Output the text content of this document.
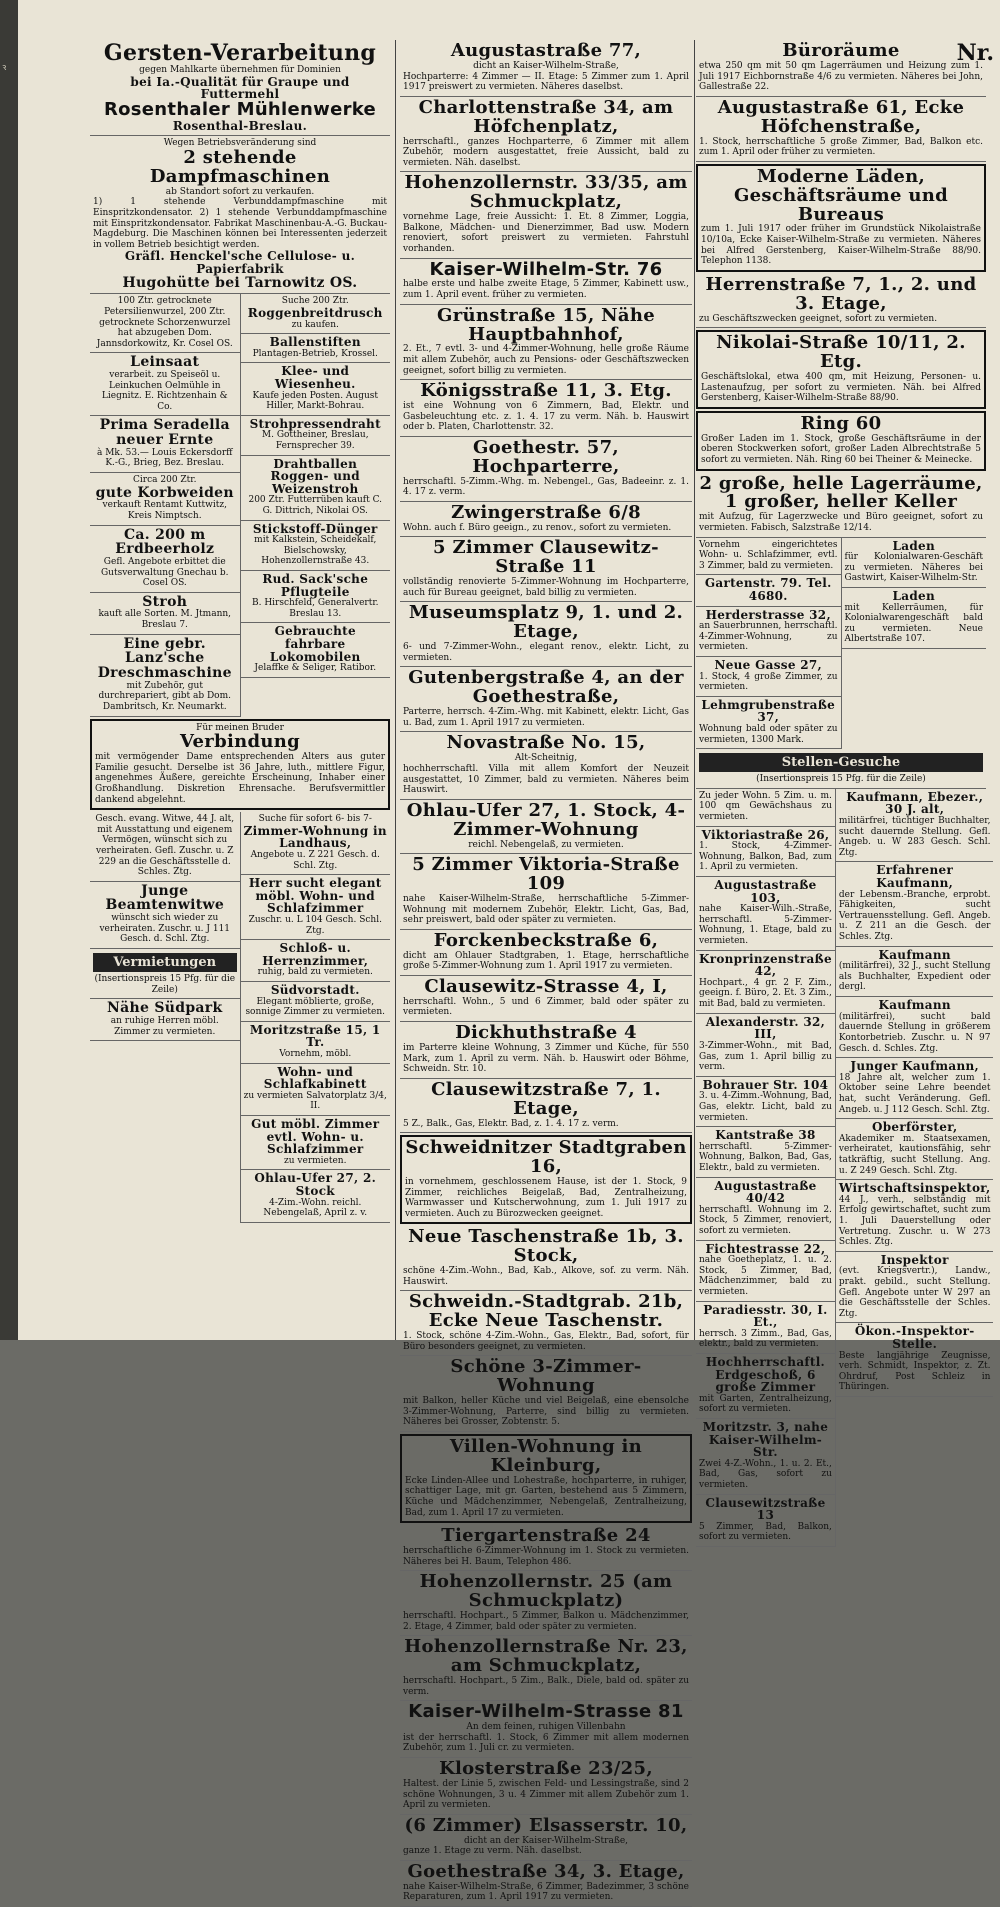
ꝛ
Nr.
Gersten-Verarbeitung
gegen Mahlkarte übernehmen für Dominien
bei Ia.-Qualität für Graupe und Futtermehl
Rosenthaler Mühlenwerke
Rosenthal-Breslau.
Wegen Betriebsveränderung sind
2 stehende Dampfmaschinen
ab Standort sofort zu verkaufen.
1) 1 stehende Verbunddampfmaschine mit Einspritzkondensator. 2) 1 stehende Verbunddampfmaschine mit Einspritzkondensator. Fabrikat Maschinenbau-A.-G. Buckau-Magdeburg. Die Maschinen können bei Interessenten jederzeit in vollem Betrieb besichtigt werden.
Gräfl. Henckel'sche Cellulose- u. Papierfabrik
Hugohütte bei Tarnowitz OS.
100 Ztr. getrocknete Petersilienwurzel, 200 Ztr. getrocknete Schorzenwurzel hat abzugeben Dom. Jannsdorkowitz, Kr. Cosel OS.
Leinsaat
verarbeit. zu Speiseöl u. Leinkuchen Oelmühle in Liegnitz. E. Richtzenhain & Co.
Prima Seradella neuer Ernte
à Mk. 53.— Louis Eckersdorff K.-G., Brieg, Bez. Breslau.
Circa 200 Ztr.
gute Korbweiden
verkauft Rentamt Kuttwitz, Kreis Nimptsch.
Ca. 200 m Erdbeerholz
Gefl. Angebote erbittet die Gutsverwaltung Gnechau b. Cosel OS.
Stroh
kauft alle Sorten. M. Jtmann, Breslau 7.
Eine gebr. Lanz'sche Dreschmaschine
mit Zubehör, gut durchrepariert, gibt ab Dom. Dambritsch, Kr. Neumarkt.
Suche 200 Ztr.
Roggenbreitdrusch
zu kaufen.
Ballenstiften
Plantagen-Betrieb, Krossel.
Klee- und Wiesenheu.
Kaufe jeden Posten. August Hiller, Markt-Bohrau.
Strohpressendraht
M. Gottheiner, Breslau, Fernsprecher 39.
Drahtballen Roggen- und Weizenstroh
200 Ztr. Futterrüben kauft C. G. Dittrich, Nikolai OS.
Stickstoff-Dünger
mit Kalkstein, Scheidekalf, Bielschowsky, Hohenzollernstraße 43.
Rud. Sack'sche Pflugteile
B. Hirschfeld, Generalvertr. Breslau 13.
Gebrauchte fahrbare Lokomobilen
Jelaffke & Seliger, Ratibor.
Für meinen Bruder
Verbindung
mit vermögender Dame entsprechenden Alters aus guter Familie gesucht. Derselbe ist 36 Jahre, luth., mittlere Figur, angenehmes Äußere, gereichte Erscheinung, Inhaber einer Großhandlung. Diskretion Ehrensache. Berufsvermittler dankend abgelehnt.
Gesch. evang. Witwe, 44 J. alt, mit Ausstattung und eigenem Vermögen, wünscht sich zu verheiraten. Gefl. Zuschr. u. Z 229 an die Geschäftsstelle d. Schles. Ztg.
Junge Beamtenwitwe
wünscht sich wieder zu verheiraten. Zuschr. u. J 111 Gesch. d. Schl. Ztg.
Vermietungen
(Insertionspreis 15 Pfg. für die Zeile)
Nähe Südpark
an ruhige Herren möbl. Zimmer zu vermieten.
Suche für sofort 6- bis 7-
Zimmer-Wohnung in Landhaus,
Angebote u. Z 221 Gesch. d. Schl. Ztg.
Herr sucht elegant möbl. Wohn- und Schlafzimmer
Zuschr. u. L 104 Gesch. Schl. Ztg.
Schloß- u. Herrenzimmer,
ruhig, bald zu vermieten.
Südvorstadt.
Elegant möblierte, große, sonnige Zimmer zu vermieten.
Moritzstraße 15, 1 Tr.
Vornehm, möbl.
Wohn- und Schlafkabinett
zu vermieten Salvatorplatz 3/4, II.
Gut möbl. Zimmer evtl. Wohn- u. Schlafzimmer
zu vermieten.
Ohlau-Ufer 27, 2. Stock
4-Zim.-Wohn. reichl. Nebengelaß, April z. v.
Augustastraße 77,
dicht an Kaiser-Wilhelm-Straße,
Hochparterre: 4 Zimmer — II. Etage: 5 Zimmer zum 1. April 1917 preiswert zu vermieten. Näheres daselbst.
Charlottenstraße 34, am Höfchenplatz,
herrschaftl., ganzes Hochparterre, 6 Zimmer mit allem Zubehör, modern ausgestattet, freie Aussicht, bald zu vermieten. Näh. daselbst.
Hohenzollernstr. 33/35, am Schmuckplatz,
vornehme Lage, freie Aussicht: 1. Et. 8 Zimmer, Loggia, Balkone, Mädchen- und Dienerzimmer, Bad usw. Modern renoviert, sofort preiswert zu vermieten. Fahrstuhl vorhanden.
Kaiser-Wilhelm-Str. 76
halbe erste und halbe zweite Etage, 5 Zimmer, Kabinett usw., zum 1. April event. früher zu vermieten.
Grünstraße 15, Nähe Hauptbahnhof,
2. Et., 7 evtl. 3- und 4-Zimmer-Wohnung, helle große Räume mit allem Zubehör, auch zu Pensions- oder Geschäftszwecken geeignet, sofort billig zu vermieten.
Königsstraße 11, 3. Etg.
ist eine Wohnung von 6 Zimmern, Bad, Elektr. und Gasbeleuchtung etc. z. 1. 4. 17 zu verm. Näh. b. Hauswirt oder b. Platen, Charlottenstr. 32.
Goethestr. 57, Hochparterre,
herrschaftl. 5-Zimm.-Whg. m. Nebengel., Gas, Badeeinr. z. 1. 4. 17 z. verm.
Zwingerstraße 6/8
Wohn. auch f. Büro geeign., zu renov., sofort zu vermieten.
5 Zimmer Clausewitz-Straße 11
vollständig renovierte 5-Zimmer-Wohnung im Hochparterre, auch für Bureau geeignet, bald billig zu vermieten.
Museumsplatz 9, 1. und 2. Etage,
6- und 7-Zimmer-Wohn., elegant renov., elektr. Licht, zu vermieten.
Gutenbergstraße 4, an der Goethestraße,
Parterre, herrsch. 4-Zim.-Whg. mit Kabinett, elektr. Licht, Gas u. Bad, zum 1. April 1917 zu vermieten.
Novastraße No. 15,
Alt-Scheitnig,
hochherrschaftl. Villa mit allem Komfort der Neuzeit ausgestattet, 10 Zimmer, bald zu vermieten. Näheres beim Hauswirt.
Ohlau-Ufer 27, 1. Stock, 4-Zimmer-Wohnung
reichl. Nebengelaß, zu vermieten.
5 Zimmer Viktoria-Straße 109
nahe Kaiser-Wilhelm-Straße, herrschaftliche 5-Zimmer-Wohnung mit modernem Zubehör, Elektr. Licht, Gas, Bad, sehr preiswert, bald oder später zu vermieten.
Forckenbeckstraße 6,
dicht am Ohlauer Stadtgraben, 1. Etage, herrschaftliche große 5-Zimmer-Wohnung zum 1. April 1917 zu vermieten.
Clausewitz-Strasse 4, I,
herrschaftl. Wohn., 5 und 6 Zimmer, bald oder später zu vermieten.
Dickhuthstraße 4
im Parterre kleine Wohnung, 3 Zimmer und Küche, für 550 Mark, zum 1. April zu verm. Näh. b. Hauswirt oder Böhme, Schweidn. Str. 10.
Clausewitzstraße 7, 1. Etage,
5 Z., Balk., Gas, Elektr. Bad, z. 1. 4. 17 z. verm.
Schweidnitzer Stadtgraben 16,
in vornehmem, geschlossenem Hause, ist der 1. Stock, 9 Zimmer, reichliches Beigelaß, Bad, Zentralheizung, Warmwasser und Kutscherwohnung, zum 1. Juli 1917 zu vermieten. Auch zu Bürozwecken geeignet.
Neue Taschenstraße 1b, 3. Stock,
schöne 4-Zim.-Wohn., Bad, Kab., Alkove, sof. zu verm. Näh. Hauswirt.
Schweidn.-Stadtgrab. 21b, Ecke Neue Taschenstr.
1. Stock, schöne 4-Zim.-Wohn., Gas, Elektr., Bad, sofort, für Büro besonders geeignet, zu vermieten.
Schöne 3-Zimmer-Wohnung
mit Balkon, heller Küche und viel Beigelaß, eine ebensolche 3-Zimmer-Wohnung, Parterre, sind billig zu vermieten. Näheres bei Grosser, Zobtenstr. 5.
Villen-Wohnung in Kleinburg,
Ecke Linden-Allee und Lohestraße, hochparterre, in ruhiger, schattiger Lage, mit gr. Garten, bestehend aus 5 Zimmern, Küche und Mädchenzimmer, Nebengelaß, Zentralheizung, Bad, zum 1. April 17 zu vermieten.
Tiergartenstraße 24
herrschaftliche 6-Zimmer-Wohnung im 1. Stock zu vermieten. Näheres bei H. Baum, Telephon 486.
Hohenzollernstr. 25 (am Schmuckplatz)
herrschaftl. Hochpart., 5 Zimmer, Balkon u. Mädchenzimmer, 2. Etage, 4 Zimmer, bald oder später zu vermieten.
Hohenzollernstraße Nr. 23, am Schmuckplatz,
herrschaftl. Hochpart., 5 Zim., Balk., Diele, bald od. später zu verm.
Kaiser-Wilhelm-Strasse 81
An dem feinen, ruhigen Villenbahn
ist der herrschaftl. 1. Stock, 6 Zimmer mit allem modernen Zubehör, zum 1. Juli cr. zu vermieten.
Klosterstraße 23/25,
Haltest. der Linie 5, zwischen Feld- und Lessingstraße, sind 2 schöne Wohnungen, 3 u. 4 Zimmer mit allem Zubehör zum 1. April zu vermieten.
(6 Zimmer) Elsasserstr. 10,
dicht an der Kaiser-Wilhelm-Straße,
ganze 1. Etage zu verm. Näh. daselbst.
Goethestraße 34, 3. Etage,
nahe Kaiser-Wilhelm-Straße, 6 Zimmer, Badezimmer, 3 schöne Reparaturen, zum 1. April 1917 zu vermieten.
Büroräume
etwa 250 qm mit 50 qm Lagerräumen und Heizung zum 1. Juli 1917 Eichbornstraße 4/6 zu vermieten. Näheres bei John, Gallestraße 22.
Augustastraße 61, Ecke Höfchenstraße,
1. Stock, herrschaftliche 5 große Zimmer, Bad, Balkon etc. zum 1. April oder früher zu vermieten.
Moderne Läden, Geschäftsräume und Bureaus
zum 1. Juli 1917 oder früher im Grundstück Nikolaistraße 10/10a, Ecke Kaiser-Wilhelm-Straße zu vermieten. Näheres bei Alfred Gerstenberg, Kaiser-Wilhelm-Straße 88/90. Telephon 1138.
Herrenstraße 7, 1., 2. und 3. Etage,
zu Geschäftszwecken geeignet, sofort zu vermieten.
Nikolai-Straße 10/11, 2. Etg.
Geschäftslokal, etwa 400 qm, mit Heizung, Personen- u. Lastenaufzug, per sofort zu vermieten. Näh. bei Alfred Gerstenberg, Kaiser-Wilhelm-Straße 88/90.
Ring 60
Großer Laden im 1. Stock, große Geschäftsräume in der oberen Stockwerken sofort, großer Laden Albrechtstraße 5 sofort zu vermieten. Näh. Ring 60 bei Theiner & Meinecke.
2 große, helle Lagerräume, 1 großer, heller Keller
mit Aufzug, für Lagerzwecke und Büro geeignet, sofort zu vermieten. Fabisch, Salzstraße 12/14.
Vornehm eingerichtetes Wohn- u. Schlafzimmer, evtl. 3 Zimmer, bald zu vermieten.
Gartenstr. 79. Tel. 4680.
Herderstrasse 32,
an Sauerbrunnen, herrschaftl. 4-Zimmer-Wohnung, zu vermieten.
Neue Gasse 27,
1. Stock, 4 große Zimmer, zu vermieten.
Lehmgrubenstraße 37,
Wohnung bald oder später zu vermieten, 1300 Mark.
Laden
für Kolonialwaren-Geschäft zu vermieten. Näheres bei Gastwirt, Kaiser-Wilhelm-Str.
Laden
mit Kellerräumen, für Kolonialwarengeschäft bald zu vermieten. Neue Albertstraße 107.
Stellen-Gesuche
(Insertionspreis 15 Pfg. für die Zeile)
Zu jeder Wohn. 5 Zim. u. m. 100 qm Gewächshaus zu vermieten.
Viktoriastraße 26,
1. Stock, 4-Zimmer-Wohnung, Balkon, Bad, zum 1. April zu vermieten.
Augustastraße 103,
nahe Kaiser-Wilh.-Straße, herrschaftl. 5-Zimmer-Wohnung, 1. Etage, bald zu vermieten.
Kronprinzenstraße 42,
Hochpart., 4 gr. 2 F. Zim., geeign. f. Büro, 2. Et. 3 Zim., mit Bad, bald zu vermieten.
Alexanderstr. 32, III,
3-Zimmer-Wohn., mit Bad, Gas, zum 1. April billig zu verm.
Bohrauer Str. 104
3. u. 4-Zimm.-Wohnung, Bad, Gas, elektr. Licht, bald zu vermieten.
Kantstraße 38
herrschaftl. 5-Zimmer-Wohnung, Balkon, Bad, Gas, Elektr., bald zu vermieten.
Augustastraße 40/42
herrschaftl. Wohnung im 2. Stock, 5 Zimmer, renoviert, sofort zu vermieten.
Fichtestrasse 22,
nahe Goetheplatz, 1. u. 2. Stock, 5 Zimmer, Bad, Mädchenzimmer, bald zu vermieten.
Paradiesstr. 30, I. Et.,
herrsch. 3 Zimm., Bad, Gas, elektr., bald zu vermieten.
Hochherrschaftl. Erdgeschoß, 6 große Zimmer
mit Garten, Zentralheizung, sofort zu vermieten.
Moritzstr. 3, nahe Kaiser-Wilhelm-Str.
Zwei 4-Z.-Wohn., 1. u. 2. Et., Bad, Gas, sofort zu vermieten.
Clausewitzstraße 13
5 Zimmer, Bad, Balkon, sofort zu vermieten.
Kaufmann, Ebezer., 30 J. alt,
militärfrei, tüchtiger Buchhalter, sucht dauernde Stellung. Gefl. Angeb. u. W 283 Gesch. Schl. Ztg.
Erfahrener Kaufmann,
der Lebensm.-Branche, erprobt. Fähigkeiten, sucht Vertrauensstellung. Gefl. Angeb. u. Z 211 an die Gesch. der Schles. Ztg.
Kaufmann
(militärfrei), 32 J., sucht Stellung als Buchhalter, Expedient oder dergl.
Kaufmann
(militärfrei), sucht bald dauernde Stellung in größerem Kontorbetrieb. Zuschr. u. N 97 Gesch. d. Schles. Ztg.
Junger Kaufmann,
18 Jahre alt, welcher zum 1. Oktober seine Lehre beendet hat, sucht Veränderung. Gefl. Angeb. u. J 112 Gesch. Schl. Ztg.
Oberförster,
Akademiker m. Staatsexamen, verheiratet, kautionsfähig, sehr tatkräftig, sucht Stellung. Ang. u. Z 249 Gesch. Schl. Ztg.
Wirtschaftsinspektor,
44 J., verh., selbständig mit Erfolg gewirtschaftet, sucht zum 1. Juli Dauerstellung oder Vertretung. Zuschr. u. W 273 Schles. Ztg.
Inspektor
(evt. Kriegsvertr.), Landw., prakt. gebild., sucht Stellung. Gefl. Angebote unter W 297 an die Geschäftsstelle der Schles. Ztg.
Ökon.-Inspektor-Stelle.
Beste langjährige Zeugnisse, verh. Schmidt, Inspektor, z. Zt. Ohrdruf, Post Schleiz in Thüringen.
